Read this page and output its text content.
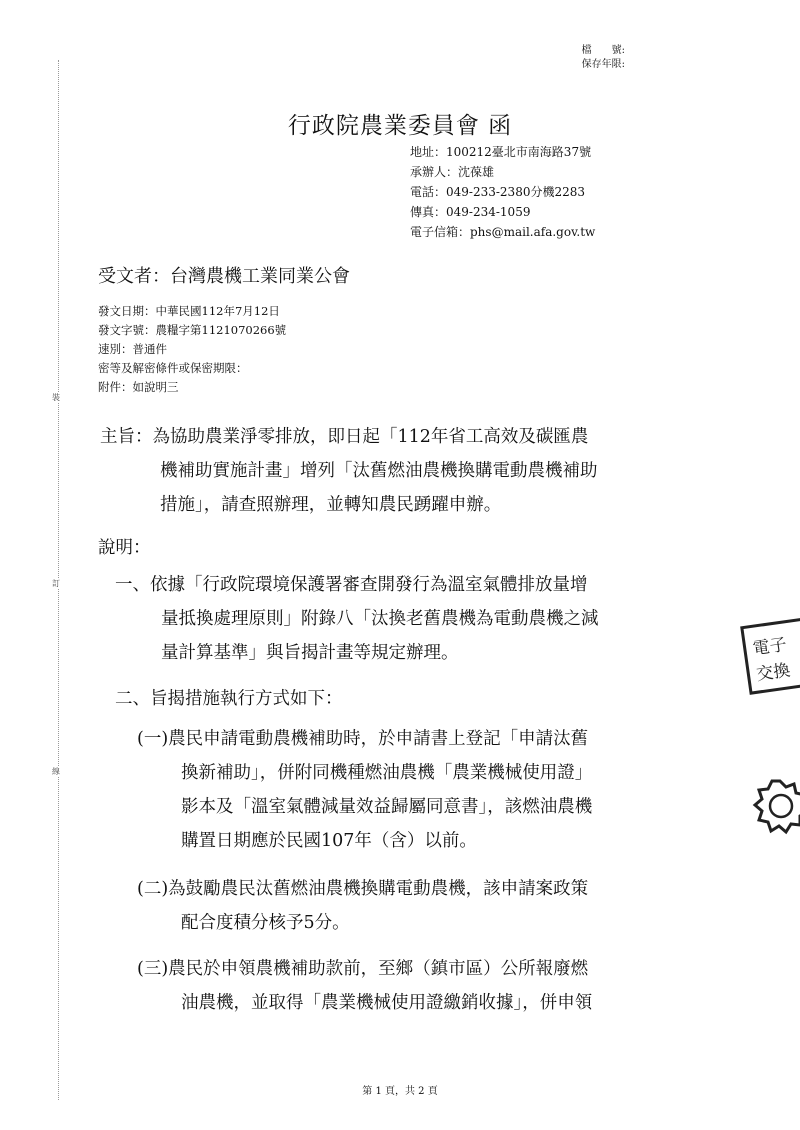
裝
訂
線
檔　　號:
保存年限:
行政院農業委員會 函
地址：100212臺北市南海路37號
承辦人：沈葆雄
電話：049-233-2380分機2283
傳真：049-234-1059
電子信箱：phs@mail.afa.gov.tw
受文者：台灣農機工業同業公會
發文日期：中華民國112年7月12日
發文字號：農糧字第1121070266號
速別：普通件
密等及解密條件或保密期限：
附件：如說明三
主旨：為協助農業淨零排放，即日起「112年省工高效及碳匯農
機補助實施計畫」增列「汰舊燃油農機換購電動農機補助
措施」，請查照辦理，並轉知農民踴躍申辦。
說明：
一、依據「行政院環境保護署審查開發行為溫室氣體排放量增
量抵換處理原則」附錄八「汰換老舊農機為電動農機之減
量計算基準」與旨揭計畫等規定辦理。
二、旨揭措施執行方式如下：
(一)農民申請電動農機補助時，於申請書上登記「申請汰舊
換新補助」，併附同機種燃油農機「農業機械使用證」
影本及「溫室氣體減量效益歸屬同意書」，該燃油農機
購置日期應於民國107年（含）以前。
(二)為鼓勵農民汰舊燃油農機換購電動農機，該申請案政策
配合度積分核予5分。
(三)農民於申領農機補助款前，至鄉（鎮市區）公所報廢燃
油農機，並取得「農業機械使用證繳銷收據」，併申領
電子
交換
第 1 頁，共 2 頁
